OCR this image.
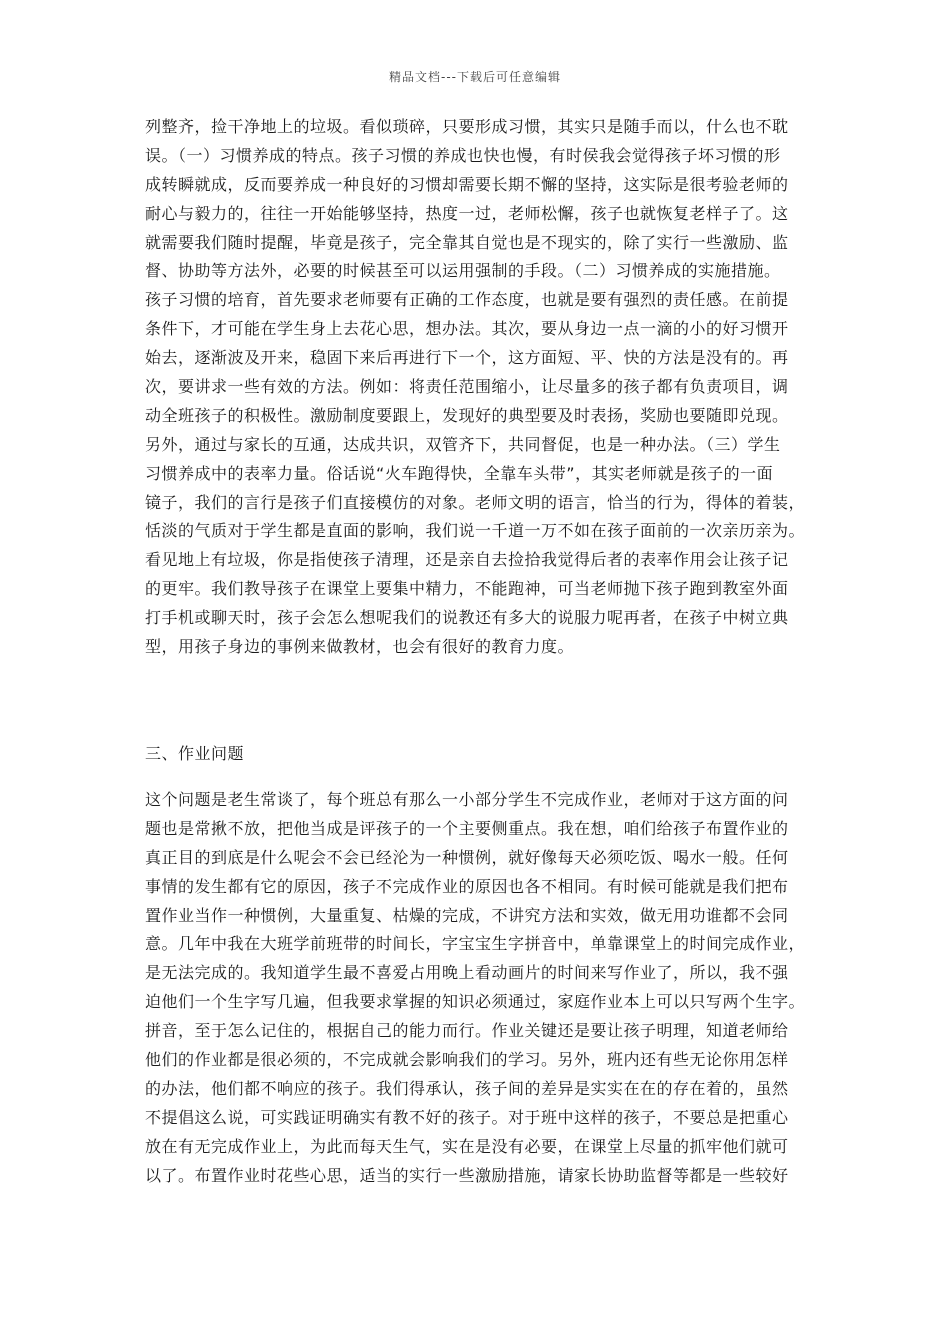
精品文档---下载后可任意编辑
列整齐，捡干净地上的垃圾。看似琐碎，只要形成习惯，其实只是随手而以，什么也不耽
误。（一）习惯养成的特点。孩子习惯的养成也快也慢，有时侯我会觉得孩子坏习惯的形
成转瞬就成，反而要养成一种良好的习惯却需要长期不懈的坚持，这实际是很考验老师的
耐心与毅力的，往往一开始能够坚持，热度一过，老师松懈，孩子也就恢复老样子了。这
就需要我们随时提醒，毕竟是孩子，完全靠其自觉也是不现实的，除了实行一些激励、监
督、协助等方法外，必要的时候甚至可以运用强制的手段。（二）习惯养成的实施措施。
孩子习惯的培育，首先要求老师要有正确的工作态度，也就是要有强烈的责任感。在前提
条件下，才可能在学生身上去花心思，想办法。其次，要从身边一点一滴的小的好习惯开
始去，逐渐波及开来，稳固下来后再进行下一个，这方面短、平、快的方法是没有的。再
次，要讲求一些有效的方法。例如：将责任范围缩小，让尽量多的孩子都有负责项目，调
动全班孩子的积极性。激励制度要跟上，发现好的典型要及时表扬，奖励也要随即兑现。
另外，通过与家长的互通，达成共识，双管齐下，共同督促，也是一种办法。（三）学生
习惯养成中的表率力量。俗话说“火车跑得快，全靠车头带”，其实老师就是孩子的一面
镜子，我们的言行是孩子们直接模仿的对象。老师文明的语言，恰当的行为，得体的着装，
恬淡的气质对于学生都是直面的影响，我们说一千道一万不如在孩子面前的一次亲历亲为。
看见地上有垃圾，你是指使孩子清理，还是亲自去捡拾我觉得后者的表率作用会让孩子记
的更牢。我们教导孩子在课堂上要集中精力，不能跑神，可当老师抛下孩子跑到教室外面
打手机或聊天时，孩子会怎么想呢我们的说教还有多大的说服力呢再者，在孩子中树立典
型，用孩子身边的事例来做教材，也会有很好的教育力度。
三、作业问题
这个问题是老生常谈了，每个班总有那么一小部分学生不完成作业，老师对于这方面的问
题也是常揪不放，把他当成是评孩子的一个主要侧重点。我在想，咱们给孩子布置作业的
真正目的到底是什么呢会不会已经沦为一种惯例，就好像每天必须吃饭、喝水一般。任何
事情的发生都有它的原因，孩子不完成作业的原因也各不相同。有时候可能就是我们把布
置作业当作一种惯例，大量重复、枯燥的完成，不讲究方法和实效，做无用功谁都不会同
意。几年中我在大班学前班带的时间长，字宝宝生字拼音中，单靠课堂上的时间完成作业，
是无法完成的。我知道学生最不喜爱占用晚上看动画片的时间来写作业了，所以，我不强
迫他们一个生字写几遍，但我要求掌握的知识必须通过，家庭作业本上可以只写两个生字。
拼音，至于怎么记住的，根据自己的能力而行。作业关键还是要让孩子明理，知道老师给
他们的作业都是很必须的，不完成就会影响我们的学习。另外，班内还有些无论你用怎样
的办法，他们都不响应的孩子。我们得承认，孩子间的差异是实实在在的存在着的，虽然
不提倡这么说，可实践证明确实有教不好的孩子。对于班中这样的孩子，不要总是把重心
放在有无完成作业上，为此而每天生气，实在是没有必要，在课堂上尽量的抓牢他们就可
以了。布置作业时花些心思，适当的实行一些激励措施，请家长协助监督等都是一些较好
